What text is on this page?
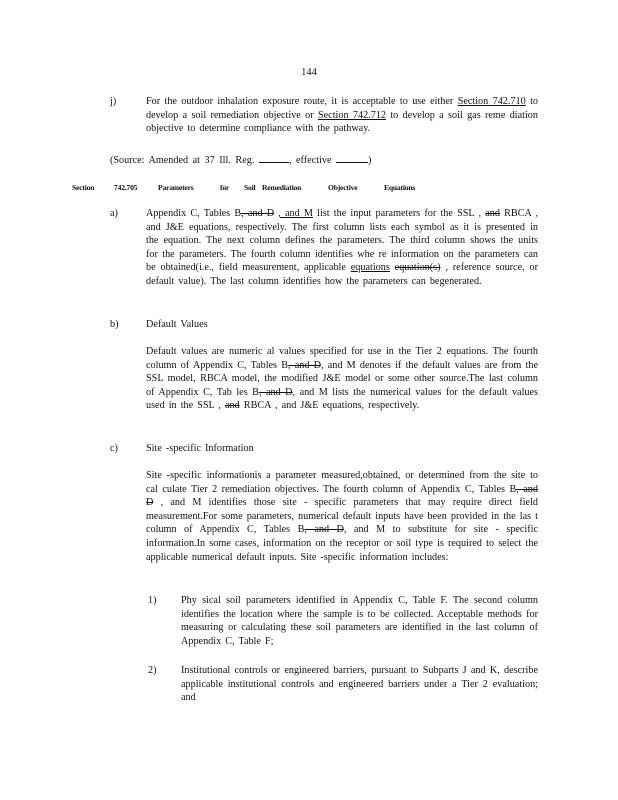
144
j)	For the outdoor inhalation exposure route, it is acceptable to use either Section 742.710 to develop a soil remediation objective or Section 742.712 to develop a soil gas reme diation objective to determine compliance with the pathway.
(Source: Amended at 37 Ill. Reg.	, effective	)
Section	742.705	Parameters	for Soil Remediation	Objective	Equations
a)	Appendix C, Tables B, and D , and M list the input parameters for the SSL , and RBCA , and J&E equations, respectively. The first column lists each symbol as it is presented in the equation. The next column defines the parameters. The third column shows the units for the parameters. The fourth column identifies whe re information on the parameters can be obtained(i.e., field measurement, applicable equations equation(s) , reference source, or default value). The last column identifies how the parameters can begenerated.
b)	Default Values
Default values are numeric al values specified for use in the Tier 2 equations. The fourth column of Appendix C, Tables B, and D, and M denotes if the default values are from the SSL model, RBCA model, the modified J&E model or some other source.The last column of Appendix C, Tab les B, and D, and M lists the numerical values for the default values used in the SSL , and RBCA , and J&E equations, respectively.
c)	Site -specific Information
Site -specific informationis a parameter measured,obtained, or determined from the site to cal culate Tier 2 remediation objectives. The fourth column of Appendix C, Tables B, and D , and M identifies those site - specific parameters that may require direct field measurement.For some parameters, numerical default inputs have been provided in the las t column of Appendix C, Tables B, and D, and M to substitute for site - specific information.In some cases, information on the receptor or soil type is required to select the applicable numerical default inputs. Site -specific information includes:
1) Phy sical soil parameters identified in Appendix C, Table F. The second column identifies the location where the sample is to be collected. Acceptable methods for measuring or calculating these soil parameters are identified in the last column of Appendix C, Table F;
2) Institutional controls or engineered barriers, pursuant to Subparts J and K, describe applicable institutional controls and engineered barriers under a Tier 2 evaluation; and
